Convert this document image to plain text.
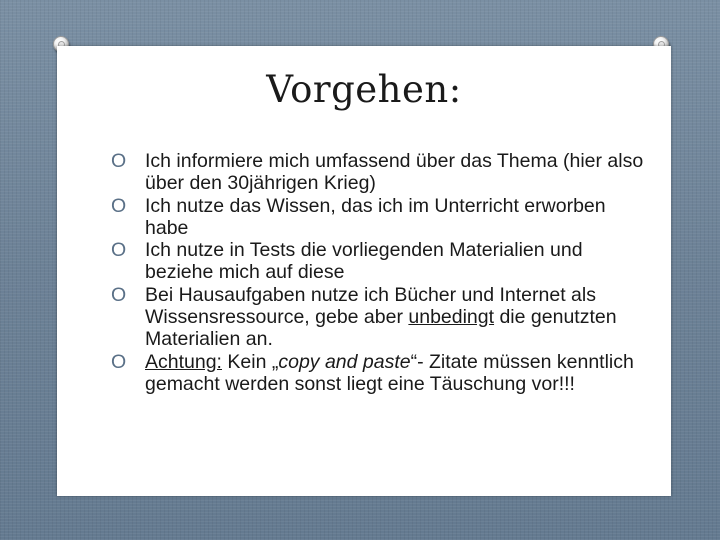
Vorgehen:
O Ich informiere mich umfassend über das Thema (hier also über den 30jährigen Krieg)
O Ich nutze das Wissen, das ich im Unterricht erworben habe
O Ich nutze in Tests die vorliegenden Materialien und beziehe mich auf diese
O Bei Hausaufgaben nutze ich Bücher und Internet als Wissensressource, gebe aber unbedingt die genutzten Materialien an.
O Achtung: Kein „copy and paste“- Zitate müssen kenntlich gemacht werden sonst liegt eine Täuschung vor!!!
